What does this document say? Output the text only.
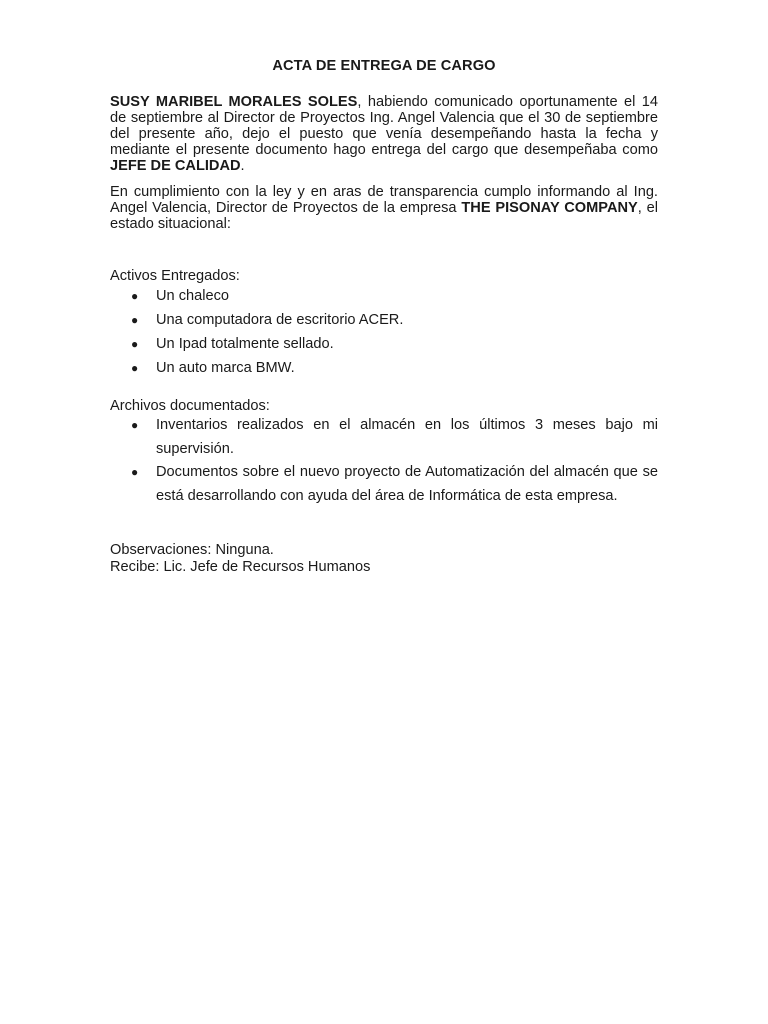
ACTA DE ENTREGA DE CARGO

SUSY MARIBEL MORALES SOLES, habiendo comunicado oportunamente el 14 de septiembre al Director de Proyectos Ing. Angel Valencia que el 30 de septiembre del presente año, dejo el puesto que venía desempeñando hasta la fecha y mediante el presente documento hago entrega del cargo que desempeñaba como JEFE DE CALIDAD.

En cumplimiento con la ley y en aras de transparencia cumplo informando al Ing. Angel Valencia, Director de Proyectos de la empresa THE PISONAY COMPANY, el estado situacional:

Activos Entregados:
● Un chaleco
● Una computadora de escritorio ACER.
● Un Ipad totalmente sellado.
● Un auto marca BMW.
Archivos documentados:
● Inventarios realizados en el almacén en los últimos 3 meses bajo mi supervisión.
● Documentos sobre el nuevo proyecto de Automatización del almacén que se está desarrollando con ayuda del área de Informática de esta empresa.
Observaciones: Ninguna.
Recibe: Lic. Jefe de Recursos Humanos
